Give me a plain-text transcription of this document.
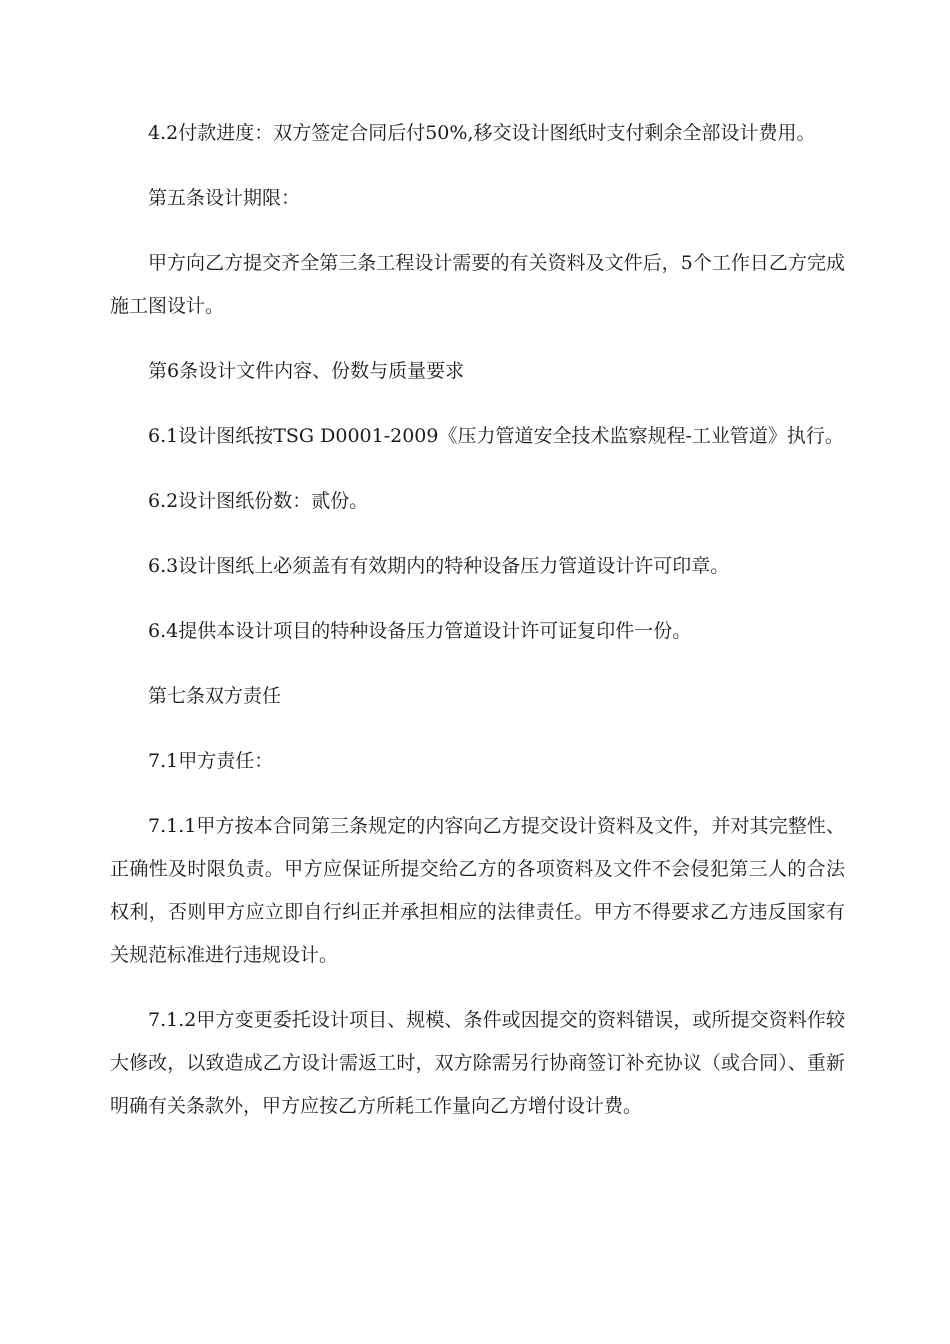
4.2付款进度：双方签定合同后付50%,移交设计图纸时支付剩余全部设计费用。

第五条设计期限：

甲方向乙方提交齐全第三条工程设计需要的有关资料及文件后，5个工作日乙方完成施工图设计。

第6条设计文件内容、份数与质量要求

6.1设计图纸按TSG D0001-2009《压力管道安全技术监察规程-工业管道》执行。

6.2设计图纸份数：贰份。

6.3设计图纸上必须盖有有效期内的特种设备压力管道设计许可印章。

6.4提供本设计项目的特种设备压力管道设计许可证复印件一份。

第七条双方责任

7.1甲方责任：

7.1.1甲方按本合同第三条规定的内容向乙方提交设计资料及文件，并对其完整性、正确性及时限负责。甲方应保证所提交给乙方的各项资料及文件不会侵犯第三人的合法权利，否则甲方应立即自行纠正并承担相应的法律责任。甲方不得要求乙方违反国家有关规范标准进行违规设计。

7.1.2甲方变更委托设计项目、规模、条件或因提交的资料错误，或所提交资料作较大修改，以致造成乙方设计需返工时，双方除需另行协商签订补充协议（或合同）、重新明确有关条款外，甲方应按乙方所耗工作量向乙方增付设计费。
